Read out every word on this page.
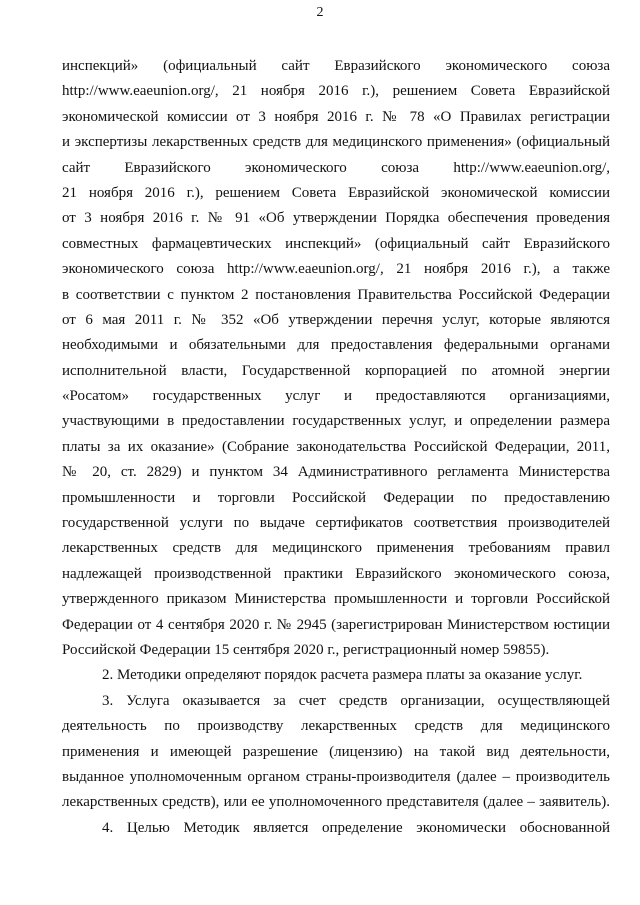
2
инспекций» (официальный сайт Евразийского экономического союза
http://www.eaeunion.org/, 21 ноября 2016 г.), решением Совета Евразийской
экономической комиссии от 3 ноября 2016 г. № 78 «О Правилах регистрации
и экспертизы лекарственных средств для медицинского применения» (официальный
сайт Евразийского экономического союза http://www.eaeunion.org/,
21 ноября 2016 г.), решением Совета Евразийской экономической комиссии
от 3 ноября 2016 г. № 91 «Об утверждении Порядка обеспечения проведения
совместных фармацевтических инспекций» (официальный сайт Евразийского
экономического союза http://www.eaeunion.org/, 21 ноября 2016 г.), а также
в соответствии с пунктом 2 постановления Правительства Российской Федерации
от 6 мая 2011 г. № 352 «Об утверждении перечня услуг, которые являются
необходимыми и обязательными для предоставления федеральными органами
исполнительной власти, Государственной корпорацией по атомной энергии
«Росатом» государственных услуг и предоставляются организациями,
участвующими в предоставлении государственных услуг, и определении размера
платы за их оказание» (Собрание законодательства Российской Федерации, 2011,
№ 20, ст. 2829) и пунктом 34 Административного регламента Министерства
промышленности и торговли Российской Федерации по предоставлению
государственной услуги по выдаче сертификатов соответствия производителей
лекарственных средств для медицинского применения требованиям правил
надлежащей производственной практики Евразийского экономического союза,
утвержденного приказом Министерства промышленности и торговли Российской
Федерации от 4 сентября 2020 г. № 2945 (зарегистрирован Министерством юстиции
Российской Федерации 15 сентября 2020 г., регистрационный номер 59855).
2. Методики определяют порядок расчета размера платы за оказание услуг.
3. Услуга оказывается за счет средств организации, осуществляющей
деятельность по производству лекарственных средств для медицинского
применения и имеющей разрешение (лицензию) на такой вид деятельности,
выданное уполномоченным органом страны-производителя (далее – производитель
лекарственных средств), или ее уполномоченного представителя (далее – заявитель).
4. Целью Методик является определение экономически обоснованной
